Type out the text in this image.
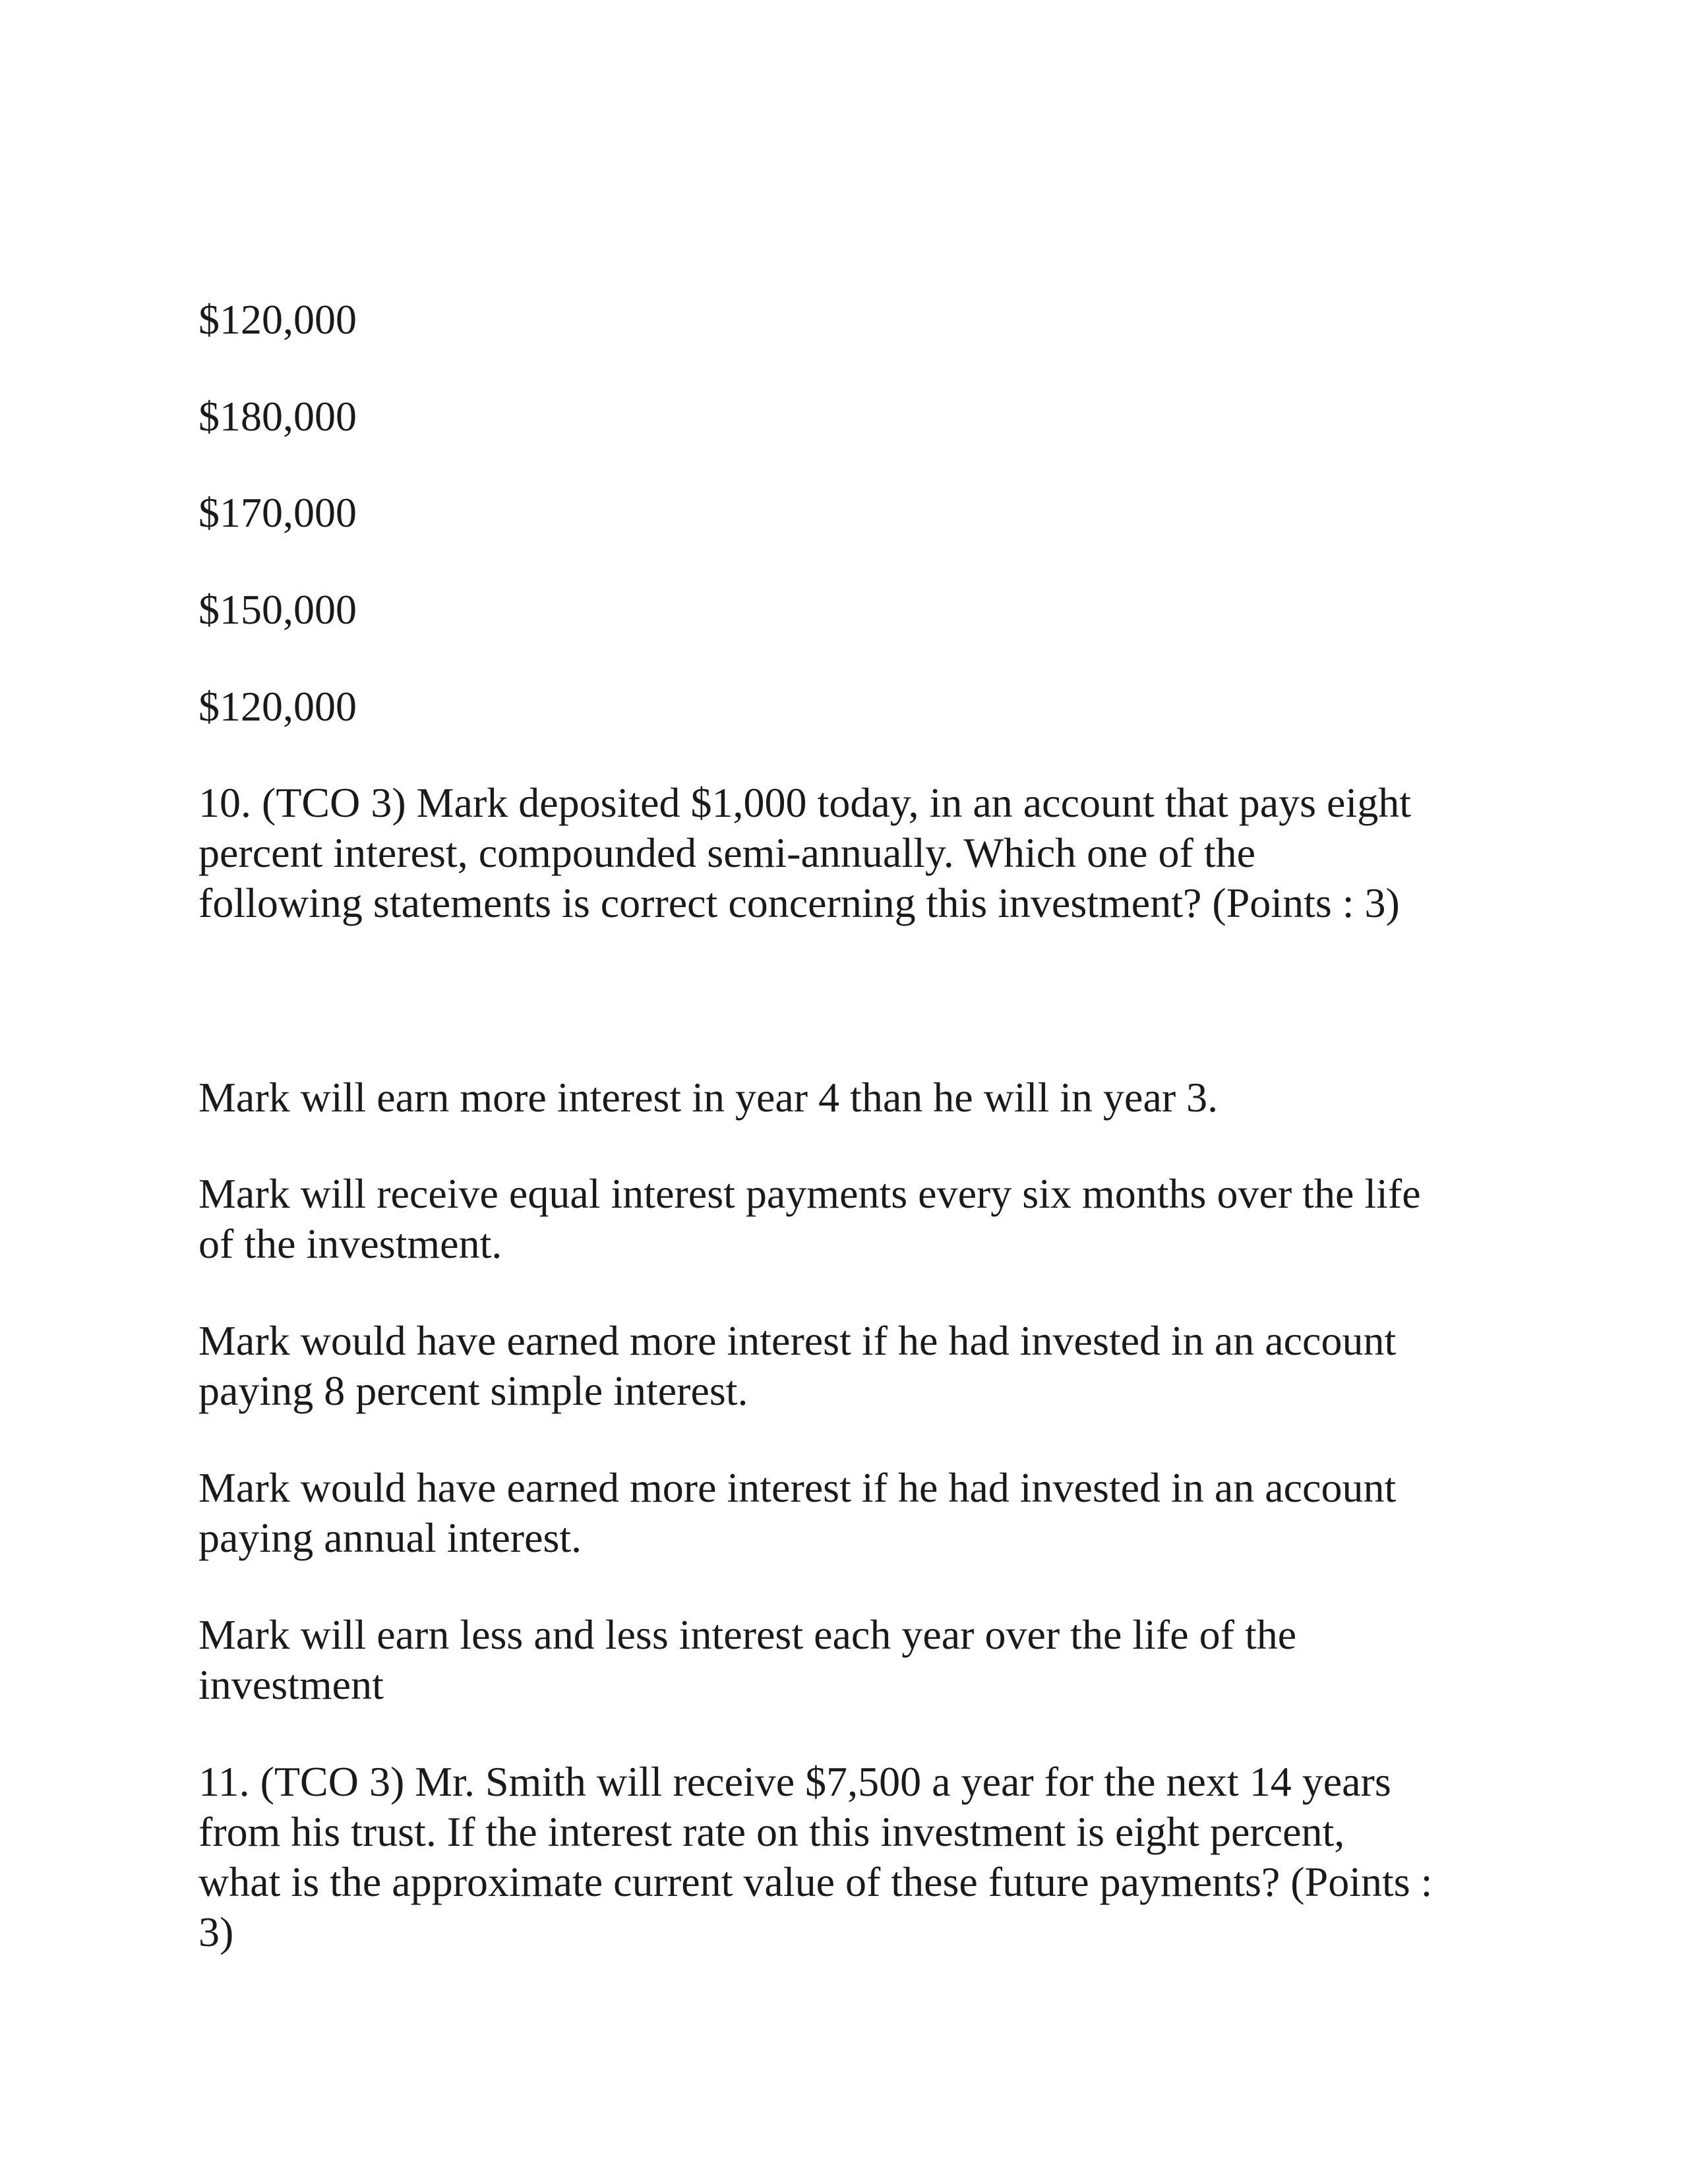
$120,000

$180,000

$170,000

$150,000

$120,000

10. (TCO 3) Mark deposited $1,000 today, in an account that pays eight
percent interest, compounded semi-annually. Which one of the
following statements is correct concerning this investment? (Points : 3)

Mark will earn more interest in year 4 than he will in year 3.

Mark will receive equal interest payments every six months over the life
of the investment.

Mark would have earned more interest if he had invested in an account
paying 8 percent simple interest.

Mark would have earned more interest if he had invested in an account
paying annual interest.

Mark will earn less and less interest each year over the life of the
investment

11. (TCO 3) Mr. Smith will receive $7,500 a year for the next 14 years
from his trust. If the interest rate on this investment is eight percent,
what is the approximate current value of these future payments? (Points :
3)
